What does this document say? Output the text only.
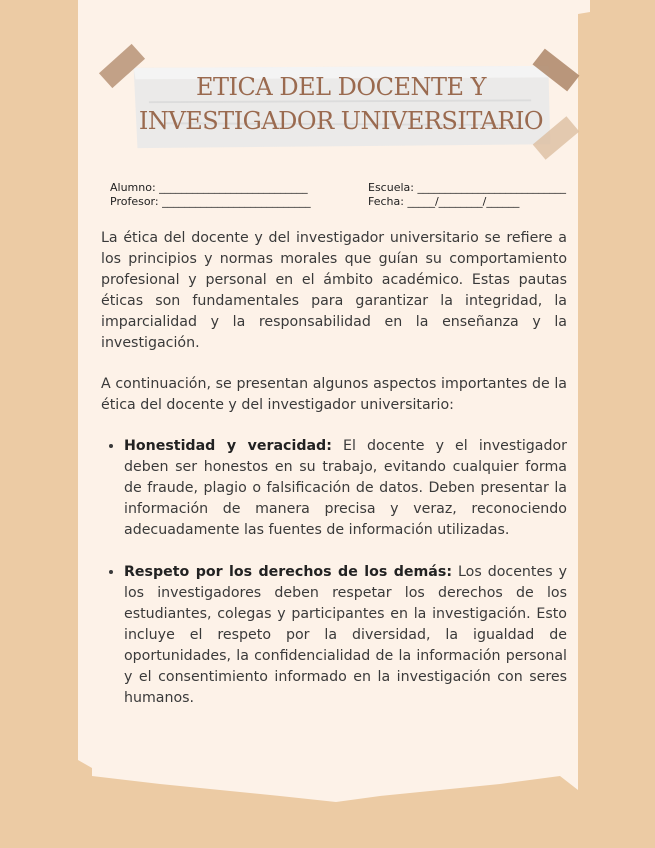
ETICA DEL DOCENTE Y
INVESTIGADOR UNIVERSITARIO
Alumno: ___________________________
Profesor: ___________________________
Escuela: ___________________________
Fecha: _____/________/______

La ética del docente y del investigador universitario se refiere a los principios y normas morales que guían su comportamiento profesional y personal en el ámbito académico. Estas pautas éticas son fundamentales para garantizar la integridad, la imparcialidad y la responsabilidad en la enseñanza y la investigación.

A continuación, se presentan algunos aspectos importantes de la ética del docente y del investigador universitario:

• Honestidad y veracidad: El docente y el investigador deben ser honestos en su trabajo, evitando cualquier forma de fraude, plagio o falsificación de datos. Deben presentar la información de manera precisa y veraz, reconociendo adecuadamente las fuentes de información utilizadas.
• Respeto por los derechos de los demás: Los docentes y los investigadores deben respetar los derechos de los estudiantes, colegas y participantes en la investigación. Esto incluye el respeto por la diversidad, la igualdad de oportunidades, la confidencialidad de la información personal y el consentimiento informado en la investigación con seres humanos.
